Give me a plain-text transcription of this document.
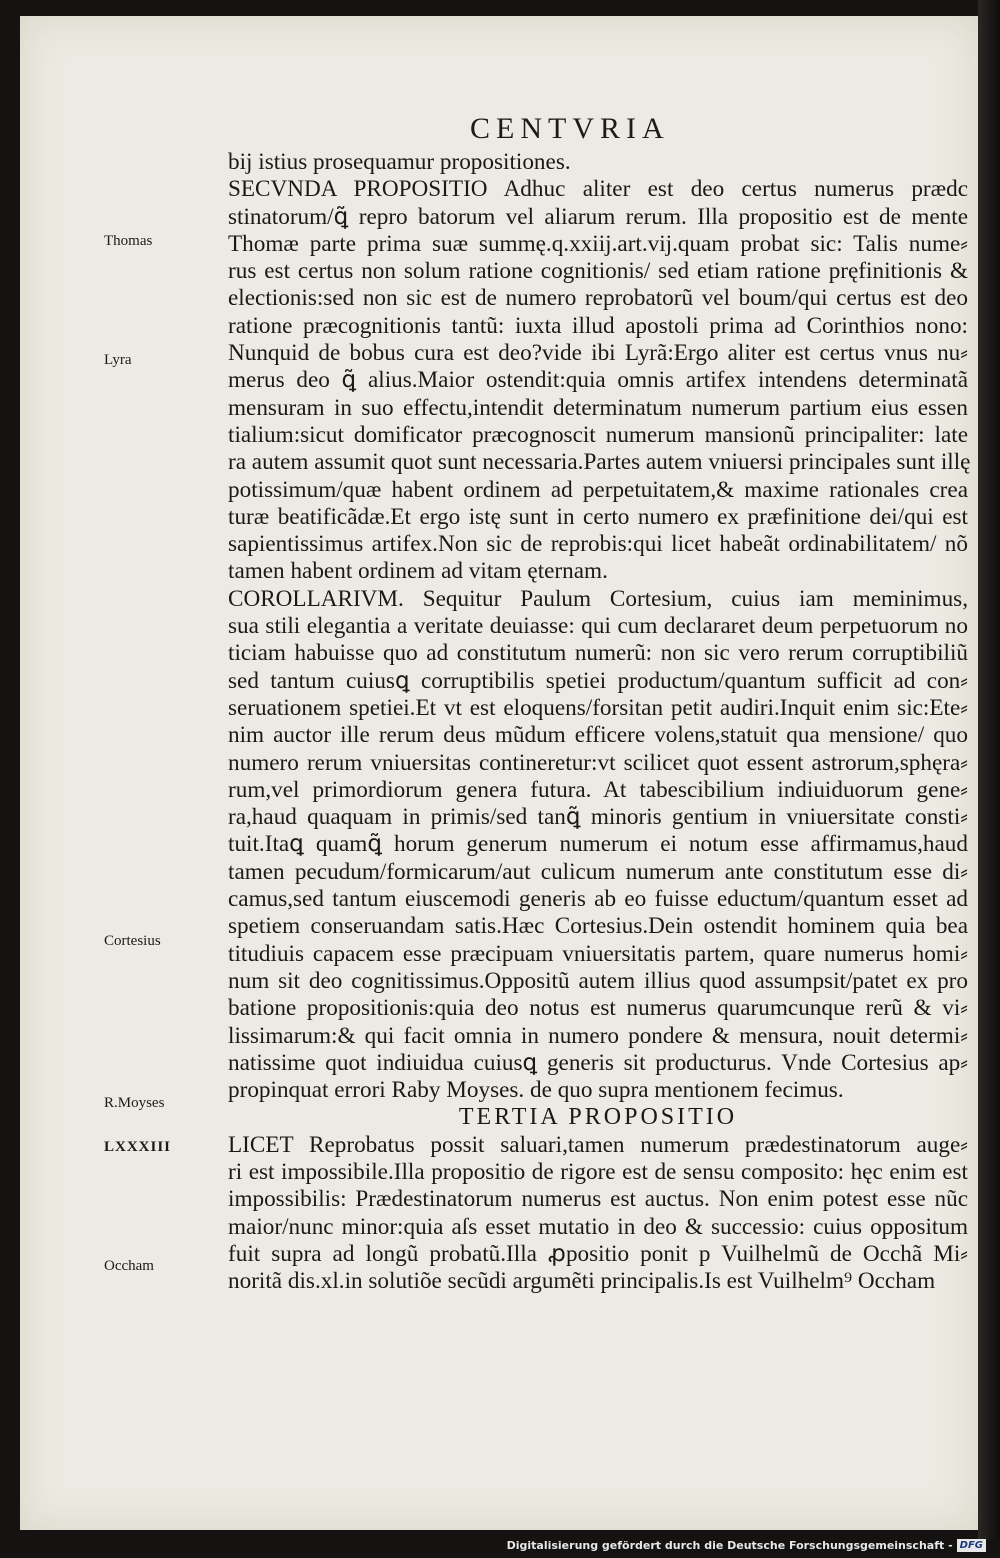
CENTVRIA
bij istius prosequamur propositiones.
SECVNDA PROPOSITIO Adhuc aliter est deo certus numerus prædc
stinatorum/ꝗ̃ repro batorum vel aliarum rerum. Illa propositio est de mente
Thomæ parte prima suæ summę.q.xxiij.art.vij.quam probat sic: Talis nume⸗
rus est certus non solum ratione cognitionis/ sed etiam ratione pręfinitionis &
electionis:sed non sic est de numero reprobatorũ vel boum/qui certus est deo
ratione præcognitionis tantũ: iuxta illud apostoli prima ad Corinthios nono:
Nunquid de bobus cura est deo?vide ibi Lyrã:Ergo aliter est certus vnus nu⸗
merus deo ꝗ̃ alius.Maior ostendit:quia omnis artifex intendens determinatã
mensuram in suo effectu,intendit determinatum numerum partium eius essen
tialium:sicut domificator præcognoscit numerum mansionũ principaliter: late
ra autem assumit quot sunt necessaria.Partes autem vniuersi principales sunt illę
potissimum/quæ habent ordinem ad perpetuitatem,& maxime rationales crea
turæ beatificãdæ.Et ergo istę sunt in certo numero ex præfinitione dei/qui est
sapientissimus artifex.Non sic de reprobis:qui licet habeãt ordinabilitatem/ nõ
tamen habent ordinem ad vitam ęternam.
COROLLARIVM. Sequitur Paulum Cortesium, cuius iam meminimus,
sua stili elegantia a veritate deuiasse: qui cum declararet deum perpetuorum no
ticiam habuisse quo ad constitutum numerũ: non sic vero rerum corruptibiliũ
sed tantum cuiusꝗ corruptibilis spetiei productum/quantum sufficit ad con⸗
seruationem spetiei.Et vt est eloquens/forsitan petit audiri.Inquit enim sic:Ete⸗
nim auctor ille rerum deus mũdum efficere volens,statuit qua mensione/ quo
numero rerum vniuersitas contineretur:vt scilicet quot essent astrorum,sphęra⸗
rum,vel primordiorum genera futura. At tabescibilium indiuiduorum gene⸗
ra,haud quaquam in primis/sed tanꝗ̃ minoris gentium in vniuersitate consti⸗
tuit.Itaꝗ quamꝗ̃ horum generum numerum ei notum esse affirmamus,haud
tamen pecudum/formicarum/aut culicum numerum ante constitutum esse di⸗
camus,sed tantum eiuscemodi generis ab eo fuisse eductum/quantum esset ad
spetiem conseruandam satis.Hæc Cortesius.Dein ostendit hominem quia bea
titudiuis capacem esse præcipuam vniuersitatis partem, quare numerus homi⸗
num sit deo cognitissimus.Oppositũ autem illius quod assumpsit/patet ex pro
batione propositionis:quia deo notus est numerus quarumcunque rerũ & vi⸗
lissimarum:& qui facit omnia in numero pondere & mensura, nouit determi⸗
natissime quot indiuidua cuiusꝗ generis sit producturus. Vnde Cortesius ap⸗
propinquat errori Raby Moyses. de quo supra mentionem fecimus.
TERTIA PROPOSITIO
LICET Reprobatus possit saluari,tamen numerum prædestinatorum auge⸗
ri est impossibile.Illa propositio de rigore est de sensu composito: hęc enim est
impossibilis: Prædestinatorum numerus est auctus. Non enim potest esse nũc
maior/nunc minor:quia aſs esset mutatio in deo & successio: cuius oppositum
fuit supra ad longũ probatũ.Illa ꝓpositio ponit p Vuilhelmũ de Occhã Mi⸗
noritã dis.xl.in solutiõe secũdi argumẽti principalis.Is est Vuilhelm⁹ Occham
Thomas
Lyra
Cortesius
R.Moyses
LXXXIII
Occham
Digitalisierung gefördert durch die Deutsche Forschungsgemeinschaft - DFG
